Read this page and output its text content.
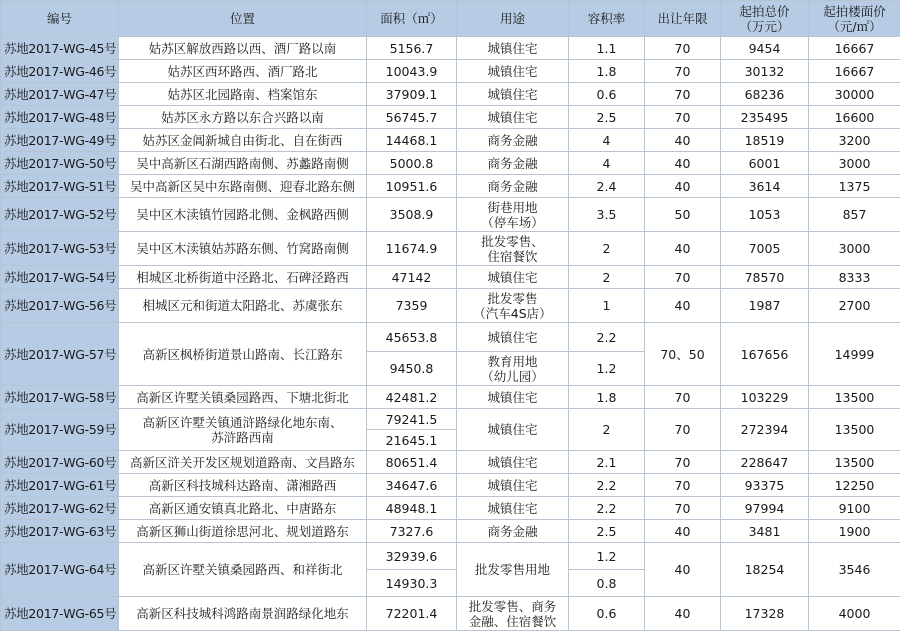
编号	位置	面积（㎡）	用途	容积率	出让年限	起拍总价
（万元）	起拍楼面价
（元/㎡）
苏地2017-WG-45号	姑苏区解放西路以西、酒厂路以南	5156.7	城镇住宅	1.1	70	9454	16667
苏地2017-WG-46号	姑苏区西环路西、酒厂路北	10043.9	城镇住宅	1.8	70	30132	16667
苏地2017-WG-47号	姑苏区北园路南、档案馆东	37909.1	城镇住宅	0.6	70	68236	30000
苏地2017-WG-48号	姑苏区永方路以东合兴路以南	56745.7	城镇住宅	2.5	70	235495	16600
苏地2017-WG-49号	姑苏区金阊新城自由街北、自在街西	14468.1	商务金融	4	40	18519	3200
苏地2017-WG-50号	吴中高新区石湖西路南侧、苏蠡路南侧	5000.8	商务金融	4	40	6001	3000
苏地2017-WG-51号	吴中高新区吴中东路南侧、迎春北路东侧	10951.6	商务金融	2.4	40	3614	1375
苏地2017-WG-52号	吴中区木渎镇竹园路北侧、金枫路西侧	3508.9	街巷用地
（停车场）	3.5	50	1053	857
苏地2017-WG-53号	吴中区木渎镇姑苏路东侧、竹窝路南侧	11674.9	批发零售、
住宿餐饮	2	40	7005	3000
苏地2017-WG-54号	相城区北桥街道中泾路北、石碑泾路西	47142	城镇住宅	2	70	78570	8333
苏地2017-WG-56号	相城区元和街道太阳路北、苏虞张东	7359	批发零售
（汽车4S店）	1	40	1987	2700
苏地2017-WG-57号	高新区枫桥街道景山路南、长江路东	45653.8	城镇住宅	2.2	70、50	167656	14999
		9450.8	教育用地
（幼儿园）	1.2			
苏地2017-WG-58号	高新区许墅关镇桑园路西、下塘北街北	42481.2	城镇住宅	1.8	70	103229	13500
苏地2017-WG-59号	高新区许墅关镇通浒路绿化地东南、
苏浒路西南	79241.5	城镇住宅	2	70	272394	13500
		21645.1					
苏地2017-WG-60号	高新区浒关开发区规划道路南、文昌路东	80651.4	城镇住宅	2.1	70	228647	13500
苏地2017-WG-61号	高新区科技城科达路南、潇湘路西	34647.6	城镇住宅	2.2	70	93375	12250
苏地2017-WG-62号	高新区通安镇真北路北、中唐路东	48948.1	城镇住宅	2.2	70	97994	9100
苏地2017-WG-63号	高新区狮山街道徐思河北、规划道路东	7327.6	商务金融	2.5	40	3481	1900
苏地2017-WG-64号	高新区许墅关镇桑园路西、和祥街北	32939.6	批发零售用地	1.2	40	18254	3546
		14930.3		0.8			
苏地2017-WG-65号	高新区科技城科鸿路南景润路绿化地东	72201.4	批发零售、商务
金融、住宿餐饮	0.6	40	17328	4000
